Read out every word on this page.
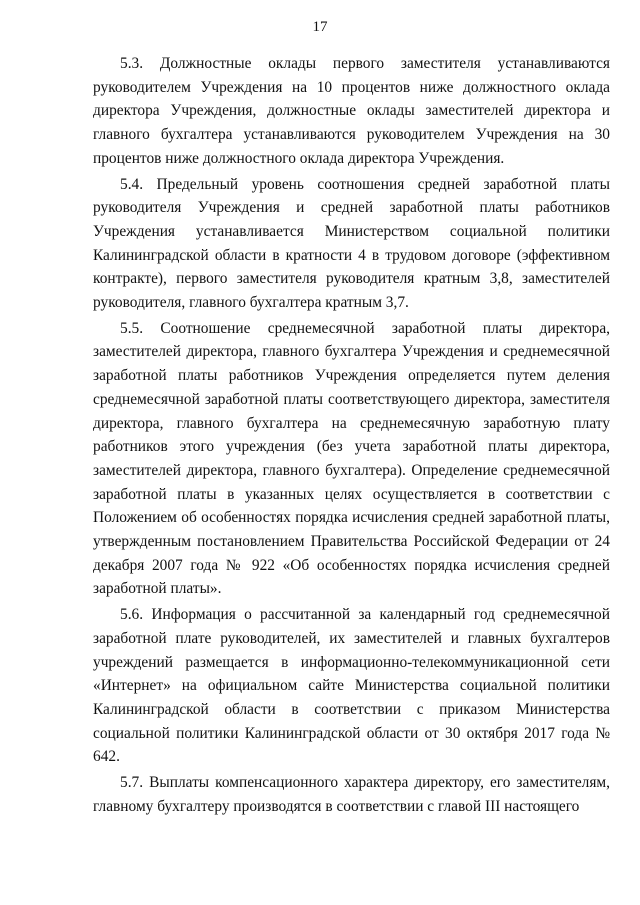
17

5.3. Должностные оклады первого заместителя устанавливаются руководителем Учреждения на 10 процентов ниже должностного оклада директора Учреждения, должностные оклады заместителей директора и главного бухгалтера устанавливаются руководителем Учреждения на 30 процентов ниже должностного оклада директора Учреждения.

5.4. Предельный уровень соотношения средней заработной платы руководителя Учреждения и средней заработной платы работников Учреждения устанавливается Министерством социальной политики Калининградской области в кратности 4 в трудовом договоре (эффективном контракте), первого заместителя руководителя кратным 3,8, заместителей руководителя, главного бухгалтера кратным 3,7.

5.5. Соотношение среднемесячной заработной платы директора, заместителей директора, главного бухгалтера Учреждения и среднемесячной заработной платы работников Учреждения определяется путем деления среднемесячной заработной платы соответствующего директора, заместителя директора, главного бухгалтера на среднемесячную заработную плату работников этого учреждения (без учета заработной платы директора, заместителей директора, главного бухгалтера). Определение среднемесячной заработной платы в указанных целях осуществляется в соответствии с Положением об особенностях порядка исчисления средней заработной платы, утвержденным постановлением Правительства Российской Федерации от 24 декабря 2007 года № 922 «Об особенностях порядка исчисления средней заработной платы».

5.6. Информация о рассчитанной за календарный год среднемесячной заработной плате руководителей, их заместителей и главных бухгалтеров учреждений размещается в информационно-телекоммуникационной сети «Интернет» на официальном сайте Министерства социальной политики Калининградской области в соответствии с приказом Министерства социальной политики Калининградской области от 30 октября 2017 года № 642.

5.7. Выплаты компенсационного характера директору, его заместителям, главному бухгалтеру производятся в соответствии с главой III настоящего
